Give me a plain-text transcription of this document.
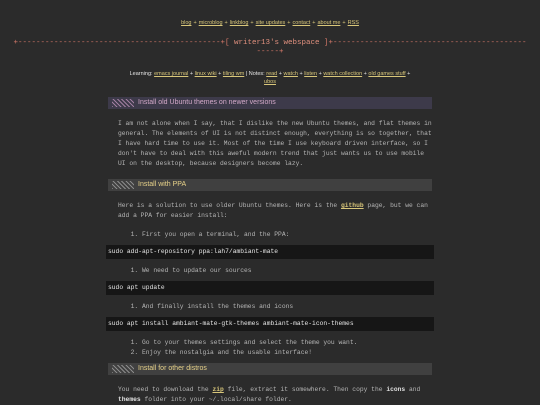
blog + microblog + linkblog + site updates + contact + about me + RSS
+---------------------------------------------+[ writer13's webspace ]+-------------------------------------------
-----+
Learning: emacs journal + linux wiki + tiling wm | Notes: read + watch + listen + watch collection + old games stuff +
ubos
Install old Ubuntu themes on newer versions
I am not alone when I say, that I dislike the new Ubuntu themes, and flat themes in general. The elements of UI is not distinct enough, everything is so together, that I have hard time to use it. Most of the time I use keyboard driven interface, so I don't have to deal with this aweful modern trend that just wants us to use mobile UI on the desktop, because designers become lazy.
Install with PPA
Here is a solution to use older Ubuntu themes. Here is the github page, but we can add a PPA for easier install:
1. First you open a terminal, and the PPA:
sudo add-apt-repository ppa:lah7/ambiant-mate
1. We need to update our sources
sudo apt update
1. And finally install the themes and icons
sudo apt install ambiant-mate-gtk-themes ambiant-mate-icon-themes
1. Go to your themes settings and select the theme you want.
2. Enjoy the nostalgia and the usable interface!
Install for other distros
You need to download the zip file, extract it somewhere. Then copy the icons and themes folder into your ~/.local/share folder.
